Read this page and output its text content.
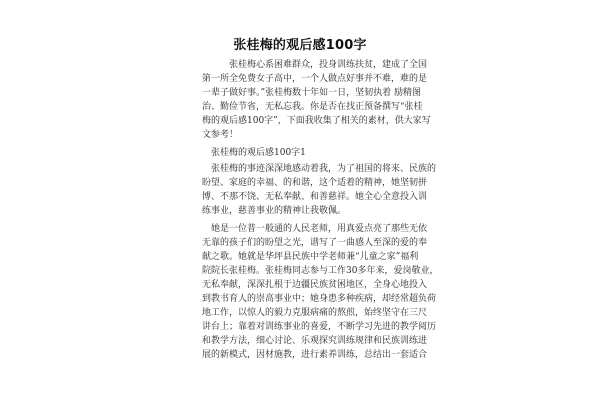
张桂梅的观后感100字
张桂梅心系困难群众，投身训练扶贫，建成了全国
第一所全免费女子高中，一个人做点好事并不难，难的是
一辈子做好事。”张桂梅数十年如一日，坚韧执着 励精图
治、勤俭节省，无私忘我。你是否在找正预备撰写“张桂
梅的观后感100字”，下面我收集了相关的素材，供大家写
文参考！
张桂梅的观后感100字1
张桂梅的事迹深深地感动着我，为了祖国的将来、民族的
盼望、家庭的幸福、的和谐，这个适着的精神，她坚韧拼
博、不那不饶、无私奉献、和善慈祥。她全心全意投入训
练事业，慈善事业的精神让我敬佩。
她是一位普一般通的人民老师，用真爱点亮了那些无依
无靠的孩子们的盼望之光，谱写了一曲感人至深的爱的奉
献之歌。她就是华坪县民族中学老师兼“儿童之家”福利
院院长张桂梅。张桂梅同志参与工作30多年来，爱岗敬业，
无私奉献，深深扎根于边疆民族贫困地区，全身心地投入
到教书育人的崇高事业中；她身患多种疾病，却经常超负荷
地工作，以惊人的毅力克服病痛的熬煎，始终坚守在三尺
讲台上；靠着对训练事业的喜爱，不断学习先进的教学阅历
和教学方法，细心讨论、乐观探究训练规律和民族训练进
展的新模式，因材施教，进行素养训练，总结出一套适合
